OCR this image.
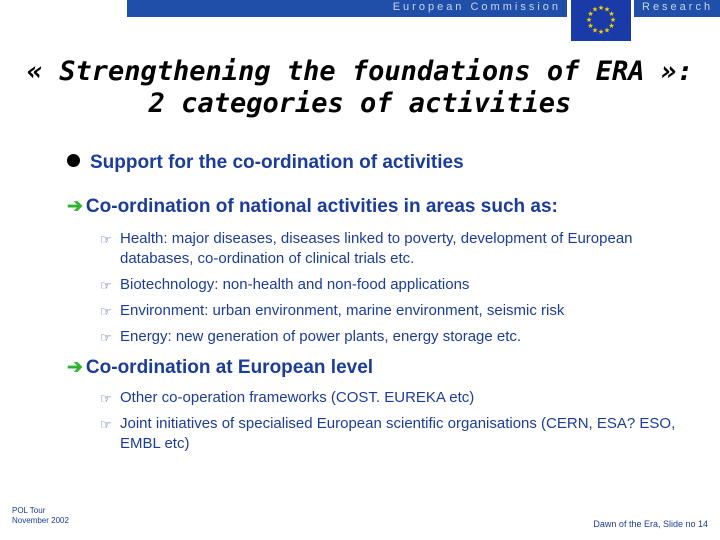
European Commission	★ ★
★
★
★
★
★
★
★
★
★
★	Research
« Strengthening the foundations of ERA »:
2 categories of activities
Support for the co-ordination of activities
➔ Co-ordination of national activities in areas such as:
☞ Health: major diseases, diseases linked to poverty, development of European databases, co-ordination of clinical trials etc.
☞ Biotechnology: non-health and non-food applications
☞ Environment: urban environment, marine environment, seismic risk
☞ Energy: new generation of power plants, energy storage etc.
➔ Co-ordination at European level
☞ Other co-operation frameworks (COST. EUREKA etc)
☞ Joint initiatives of specialised European scientific organisations (CERN, ESA? ESO, EMBL etc)
POL Tour
November 2002	Dawn of the Era, Slide no 14
